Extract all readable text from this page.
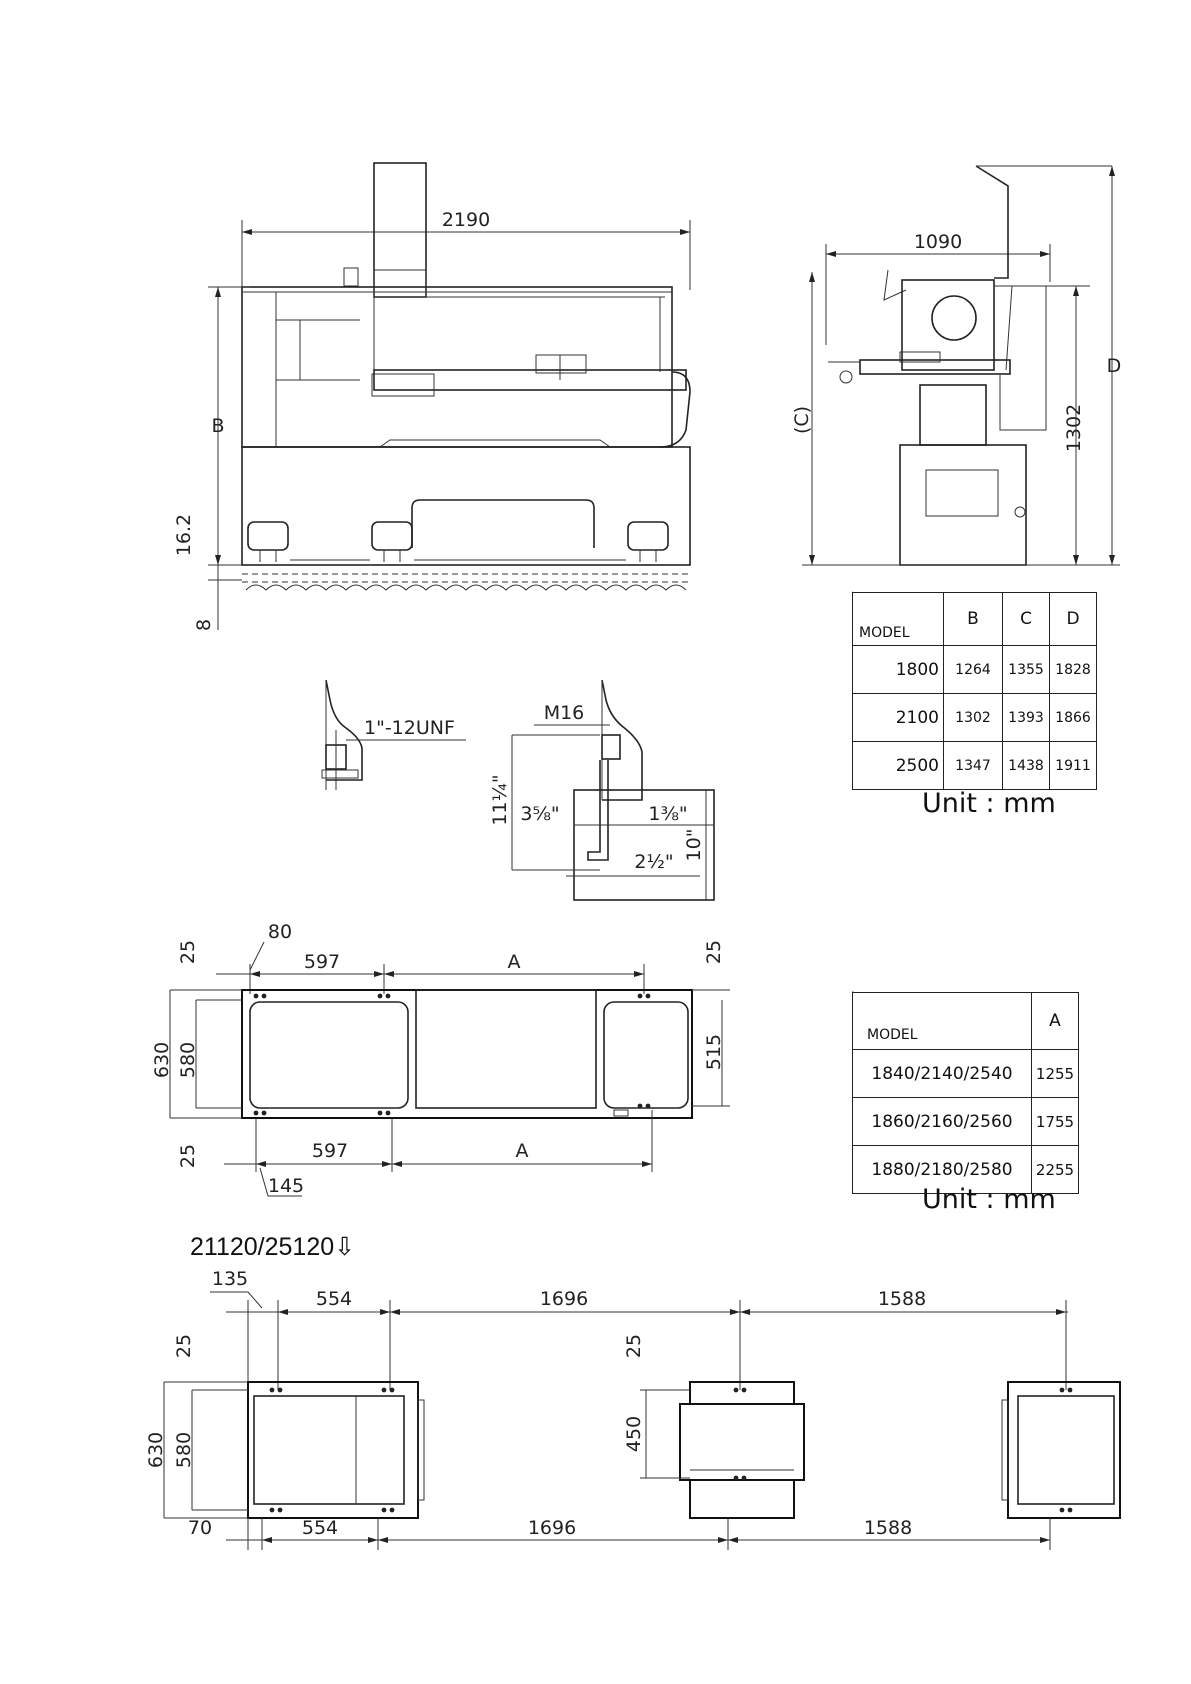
2190
B
16.2
8
1090
(C)	1302
D
1"-12UNF
M16
11¼"
10"
3⅝"	1⅜"
2½"
80
597	A
630 580
25
25
515
25
597	A
145
135
554	1696	1588
630 580
25
450
25
70	554	1696	1588
MODEL	B	C	D
1800	1264	1355	1828
2100	1302	1393	1866
2500	1347	1438	1911
Unit : mm
MODEL	A
1840/2140/2540	1255
1860/2160/2560	1755
1880/2180/2580	2255
Unit : mm
21120/25120⇩
